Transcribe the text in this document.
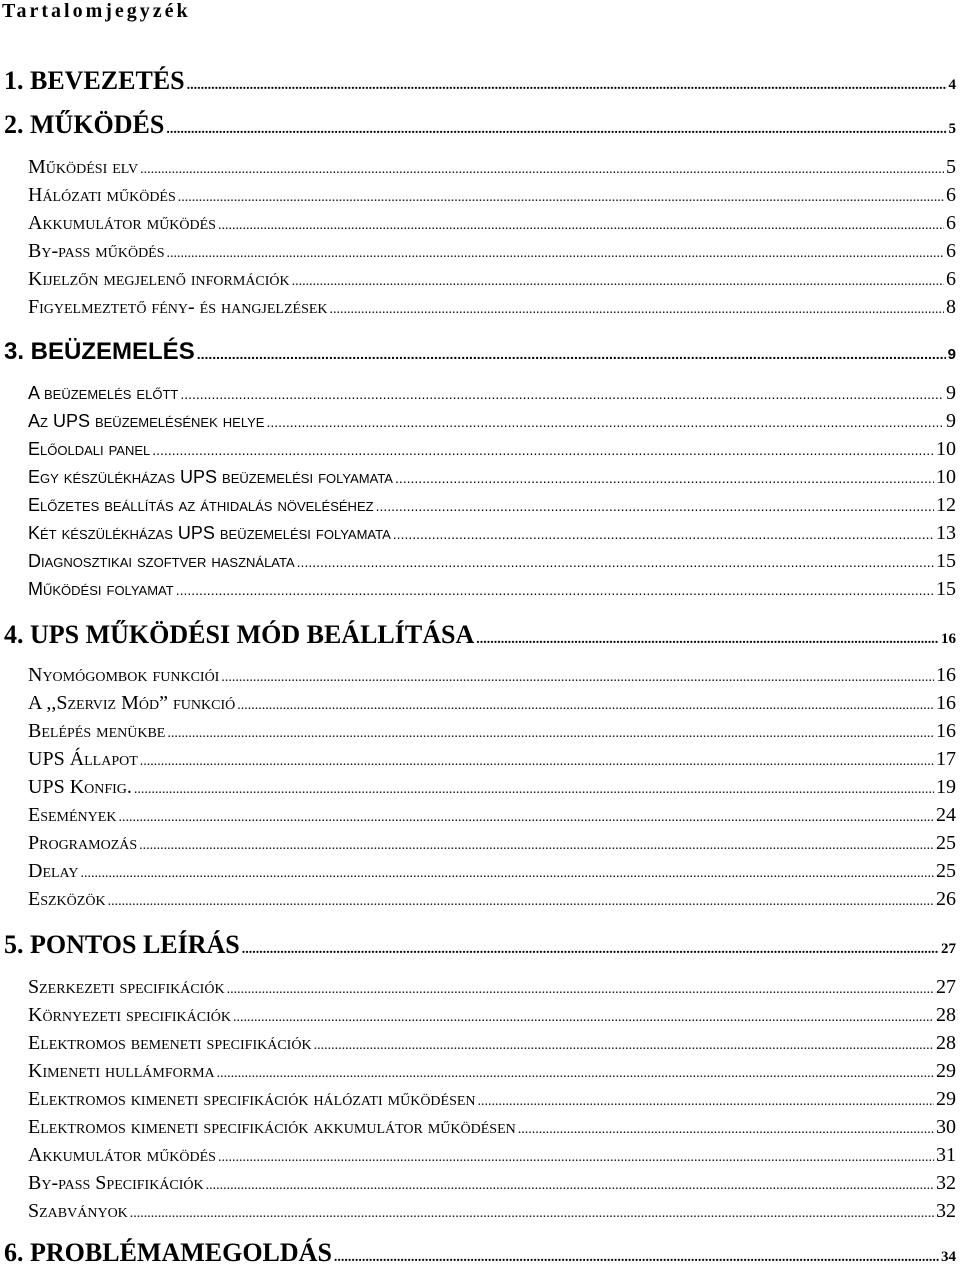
Tartalomjegyzék
1. BEVEZETÉS .....	4
2. MŰKÖDÉS .....	5
Működési elv .....	5
Hálózati működés .....	6
Akkumulátor működés .....	6
By-pass működés .....	6
Kijelzőn megjelenő információk .....	6
Figyelmeztető fény- és hangjelzések .....	8
3. BEÜZEMELÉS .....	9
A beüzemelés előtt .....	9
Az UPS beüzemelésének helye .....	9
Előoldali panel .....	10
Egy készülékházas UPS beüzemelési folyamata .....	10
Előzetes beállítás az áthidalás növeléséhez .....	12
Két készülékházas UPS beüzemelési folyamata .....	13
Diagnosztikai szoftver használata .....	15
Működési folyamat .....	15
4. UPS MŰKÖDÉSI MÓD BEÁLLÍTÁSA .....	16
Nyomógombok funkciói .....	16
A ,,Szerviz Mód” funkció .....	16
Belépés menükbe .....	16
UPS Állapot .....	17
UPS Konfig. .....	19
Események .....	24
Programozás .....	25
Delay .....	25
Eszközök .....	26
5. PONTOS LEÍRÁS .....	27
Szerkezeti specifikációk .....	27
Környezeti specifikációk .....	28
Elektromos bemeneti specifikációk .....	28
Kimeneti hullámforma .....	29
Elektromos kimeneti specifikációk hálózati működésen .....	29
Elektromos kimeneti specifikációk akkumulátor működésen .....	30
Akkumulátor működés .....	31
By-pass Specifikációk .....	32
Szabványok .....	32
6. PROBLÉMAMEGOLDÁS .....	34
